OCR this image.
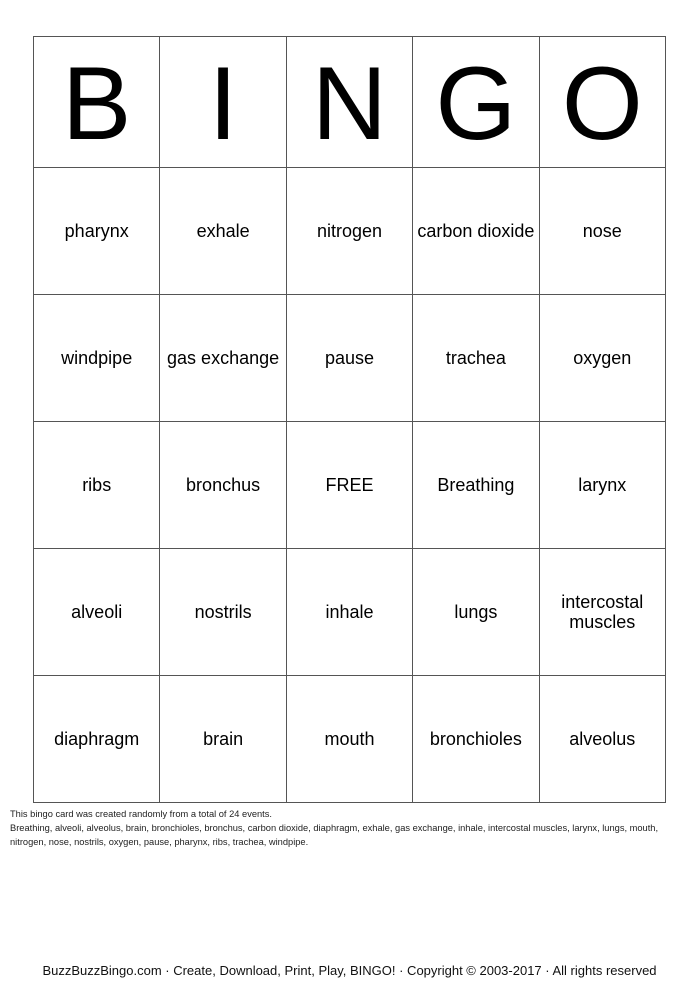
B	I	N	G	O
pharynx	exhale	nitrogen	carbon dioxide	nose
windpipe	gas exchange	pause	trachea	oxygen
ribs	bronchus	FREE	Breathing	larynx
alveoli	nostrils	inhale	lungs	intercostal muscles
diaphragm	brain	mouth	bronchioles	alveolus
This bingo card was created randomly from a total of 24 events.
Breathing, alveoli, alveolus, brain, bronchioles, bronchus, carbon dioxide, diaphragm, exhale, gas exchange, inhale, intercostal muscles, larynx, lungs, mouth, nitrogen, nose, nostrils, oxygen, pause, pharynx, ribs, trachea, windpipe.
BuzzBuzzBingo.com · Create, Download, Print, Play, BINGO! · Copyright © 2003-2017 · All rights reserved
